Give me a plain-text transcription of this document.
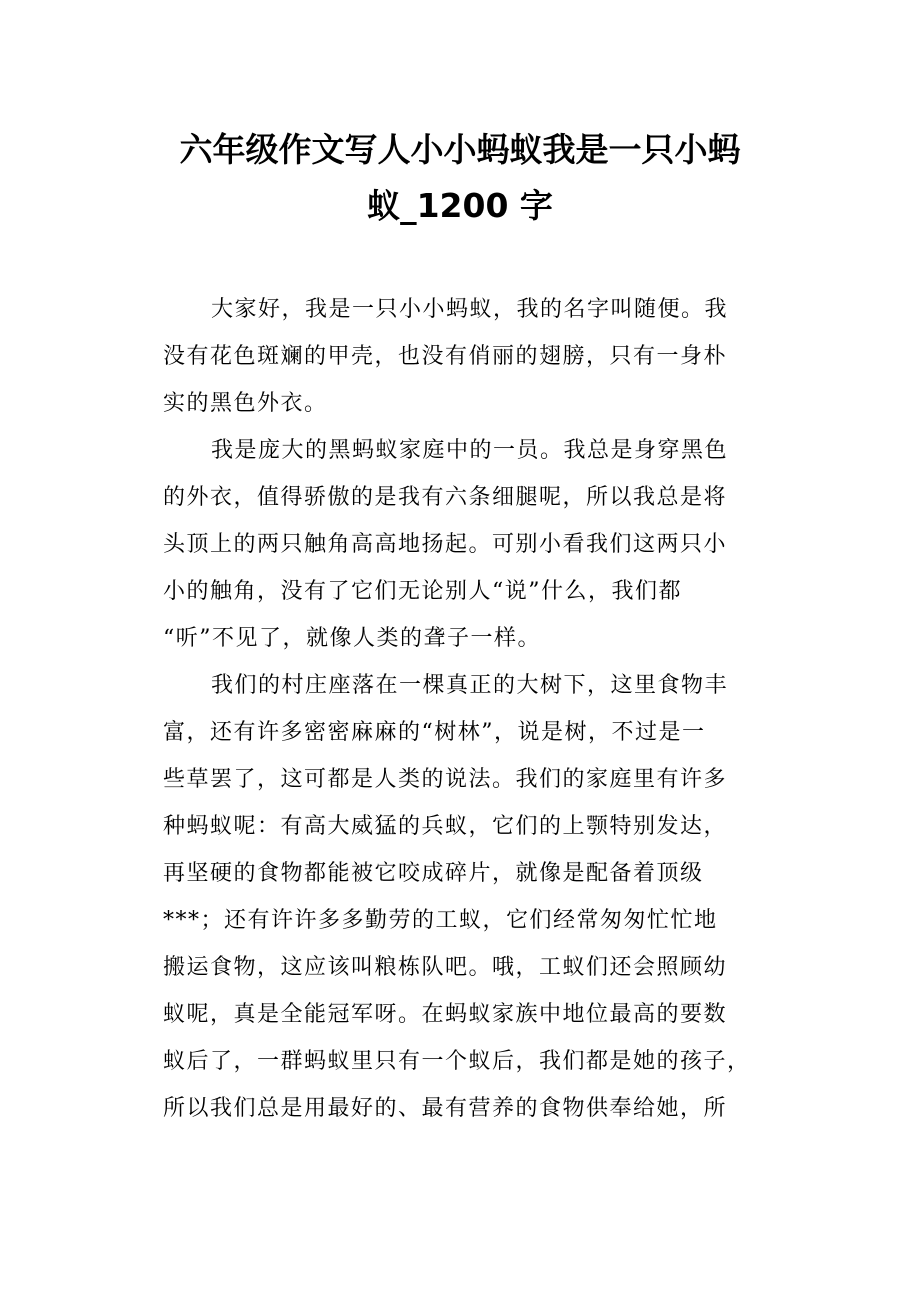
六年级作文写人小小蚂蚁我是一只小蚂
蚁_1200 字
大家好，我是一只小小蚂蚁，我的名字叫随便。我
没有花色斑斓的甲壳，也没有俏丽的翅膀，只有一身朴
实的黑色外衣。
我是庞大的黑蚂蚁家庭中的一员。我总是身穿黑色
的外衣，值得骄傲的是我有六条细腿呢，所以我总是将
头顶上的两只触角高高地扬起。可别小看我们这两只小
小的触角，没有了它们无论别人“说”什么，我们都
“听”不见了，就像人类的聋子一样。
我们的村庄座落在一棵真正的大树下，这里食物丰
富，还有许多密密麻麻的“树林”，说是树，不过是一
些草罢了，这可都是人类的说法。我们的家庭里有许多
种蚂蚁呢：有高大威猛的兵蚁，它们的上颚特别发达，
再坚硬的食物都能被它咬成碎片，就像是配备着顶级
***；还有许许多多勤劳的工蚁，它们经常匆匆忙忙地
搬运食物，这应该叫粮栋队吧。哦，工蚁们还会照顾幼
蚁呢，真是全能冠军呀。在蚂蚁家族中地位最高的要数
蚁后了，一群蚂蚁里只有一个蚁后，我们都是她的孩子，
所以我们总是用最好的、最有营养的食物供奉给她，所
